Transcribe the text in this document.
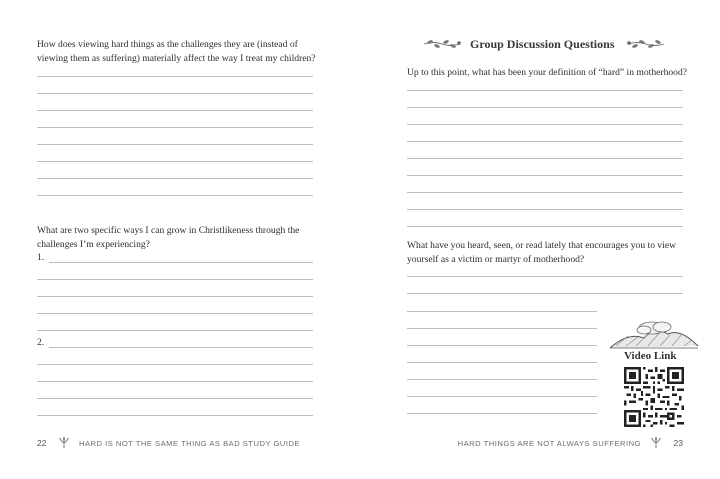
How does viewing hard things as the challenges they are (instead of viewing them as suffering) materially affect the way I treat my children?
What are two specific ways I can grow in Christlikeness through the challenges I’m experiencing?
1.
2.
22	HARD IS NOT THE SAME THING AS BAD STUDY GUIDE
Group Discussion Questions
Up to this point, what has been your definition of “hard” in motherhood?
What have you heard, seen, or read lately that encourages you to view yourself as a victim or martyr of motherhood?
Video Link
HARD THINGS ARE NOT ALWAYS SUFFERING	23
